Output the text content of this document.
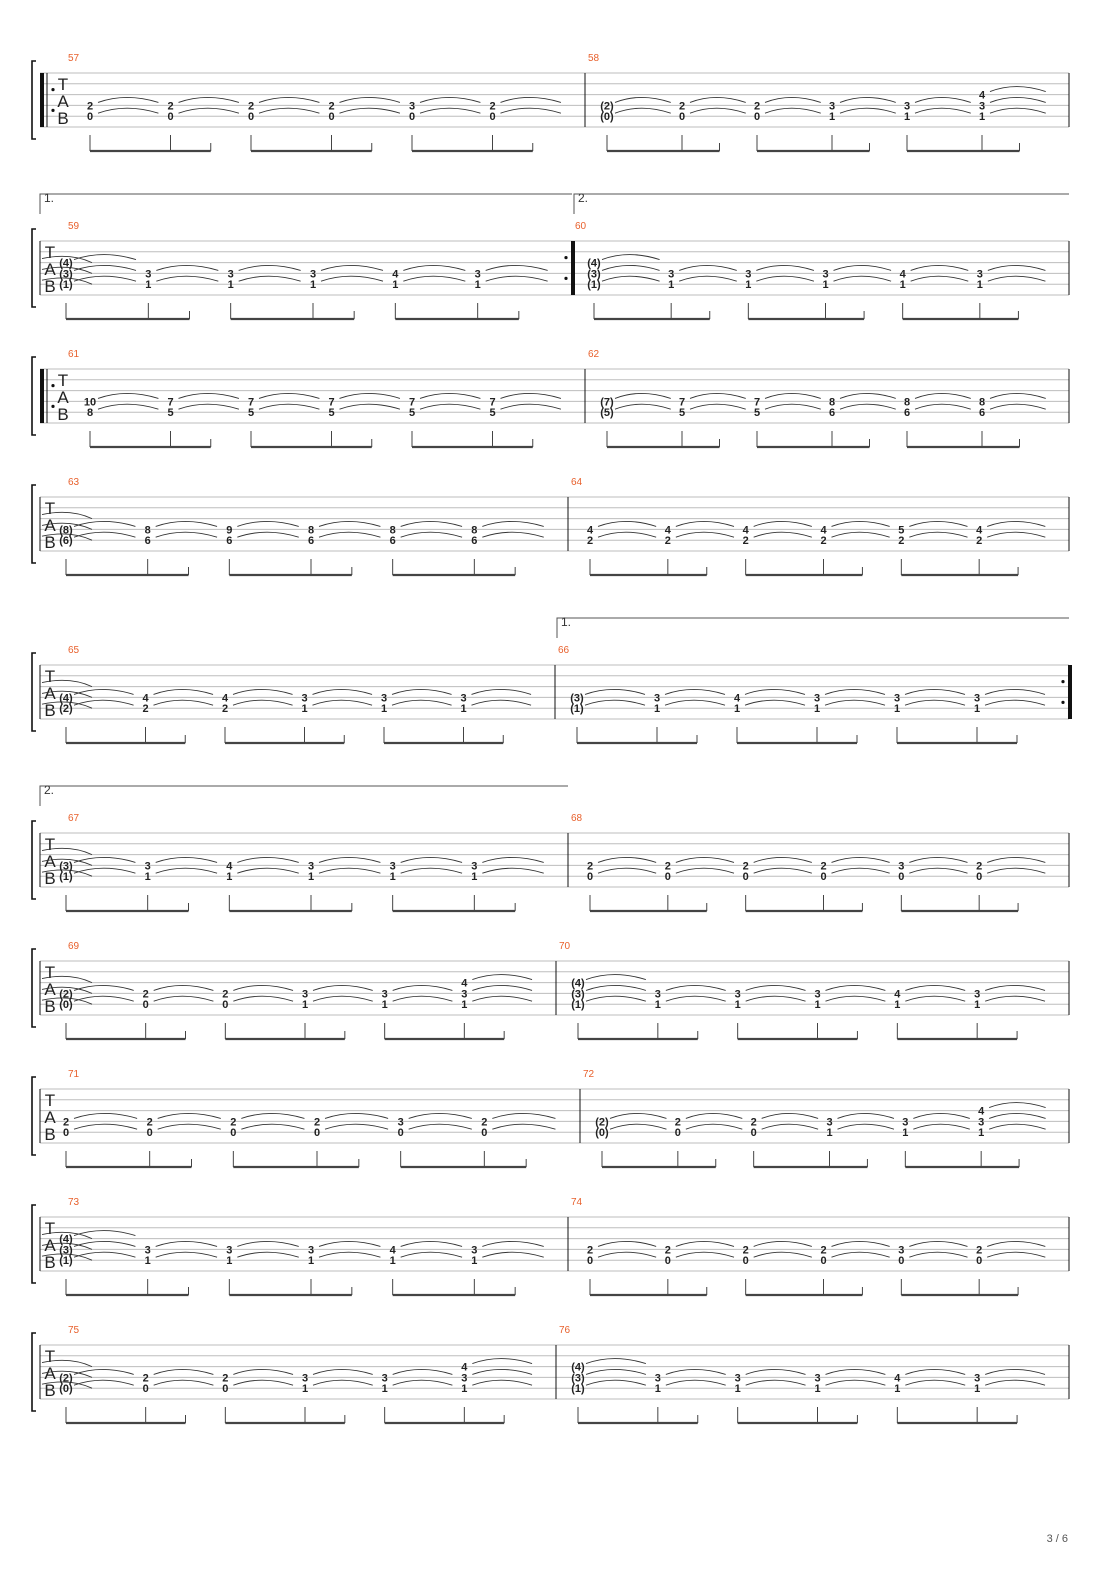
T
A
B
57
2
0
2
0
2
0
2
0
3
0
2
0
58
(2)
(0)
2
0
2
0
3
1
3
1
4
3
1
T
A
B
1.	2.
59
(4)
(3)
(1)
3
1
3
1
3
1
4
1
3
1
60
(4)
(3)
(1)
3
1
3
1
3
1
4
1
3
1
T
A
B
61
10
8
7
5
7
5
7
5
7
5
7
5
62
(7)
(5)
7
5
7
5
8
6
8
6
8
6
T
A
B
63
(8)
(6)
8
6
9
6
8
6
8
6
8
6
64
4
2
4
2
4
2
4
2
5
2
4
2
T
A
B
1.
65
(4)
(2)
4
2
4
2
3
1
3
1
3
1
66
(3)
(1)
3
1
4
1
3
1
3
1
3
1
T
A
B
2.
67
(3)
(1)
3
1
4
1
3
1
3
1
3
1
68
2
0
2
0
2
0
2
0
3
0
2
0
T
A
B
69
(2)
(0)
2
0
2
0
3
1
3
1
4
3
1
70
(4)
(3)
(1)
3
1
3
1
3
1
4
1
3
1
T
A
B
71
2
0
2
0
2
0
2
0
3
0
2
0
72
(2)
(0)
2
0
2
0
3
1
3
1
4
3
1
T
A
B
73
(4)
(3)
(1)
3
1
3
1
3
1
4
1
3
1
74
2
0
2
0
2
0
2
0
3
0
2
0
T
A
B
75
(2)
(0)
2
0
2
0
3
1
3
1
4
3
1
76
(4)
(3)
(1)
3
1
3
1
3
1
4
1
3
1
3 / 6
